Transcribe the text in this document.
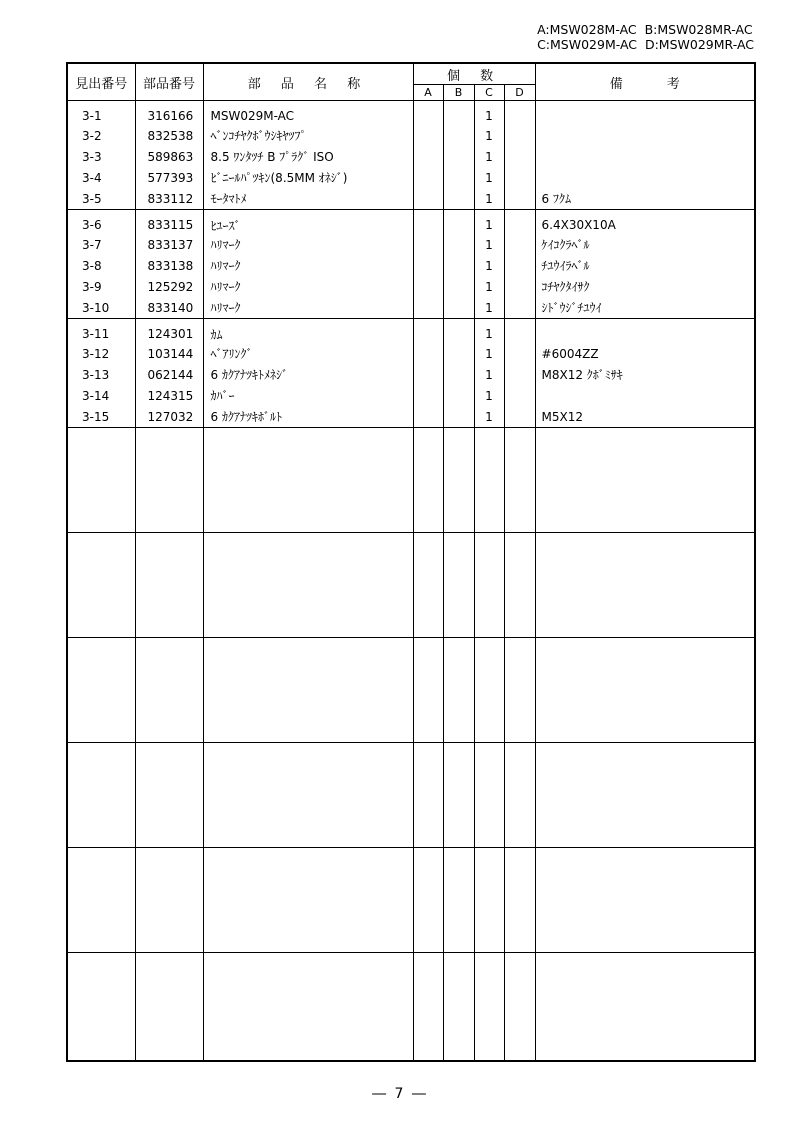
A:MSW028M-AC  B:MSW028MR-AC
C:MSW029M-AC  D:MSW029MR-AC
見出番号	部品番号	部 品 名 称	個 数				備 考
			A	B	C	D	
3-1	316166	MSW029M-AC			1		
3-2	832538	ﾍﾞﾝｺﾁﾔｸﾎﾞｳｼｷﾔﾂﾌﾟ			1		
3-3	589863	8.5 ﾜﾝﾀﾂﾁ B ﾌﾟﾗｸﾞ ISO			1		
3-4	577393	ﾋﾞﾆｰﾙﾊﾟﾂｷﾝ(8.5MM ｵﾈｼﾞ)			1		
3-5	833112	ﾓｰﾀﾏﾄﾒ			1		6 ﾌｸﾑ
3-6	833115	ﾋﾕｰｽﾞ			1		6.4X30X10A
3-7	833137	ﾊﾘﾏｰｸ			1		ｹｲｺｸﾗﾍﾞﾙ
3-8	833138	ﾊﾘﾏｰｸ			1		ﾁﾕｳｲﾗﾍﾞﾙ
3-9	125292	ﾊﾘﾏｰｸ			1		ｺﾁﾔｸﾀｲｻｸ
3-10	833140	ﾊﾘﾏｰｸ			1		ｼﾄﾞｳｼﾞﾁﾕｳｲ
3-11	124301	ｶﾑ			1		
3-12	103144	ﾍﾞｱﾘﾝｸﾞ			1		#6004ZZ
3-13	062144	6 ｶｸｱﾅﾂｷﾄﾒﾈｼﾞ			1		M8X12 ｸﾎﾞﾐｻｷ
3-14	124315	ｶﾊﾞｰ			1		
3-15	127032	6 ｶｸｱﾅﾂｷﾎﾞﾙﾄ			1		M5X12

― 7 ―
